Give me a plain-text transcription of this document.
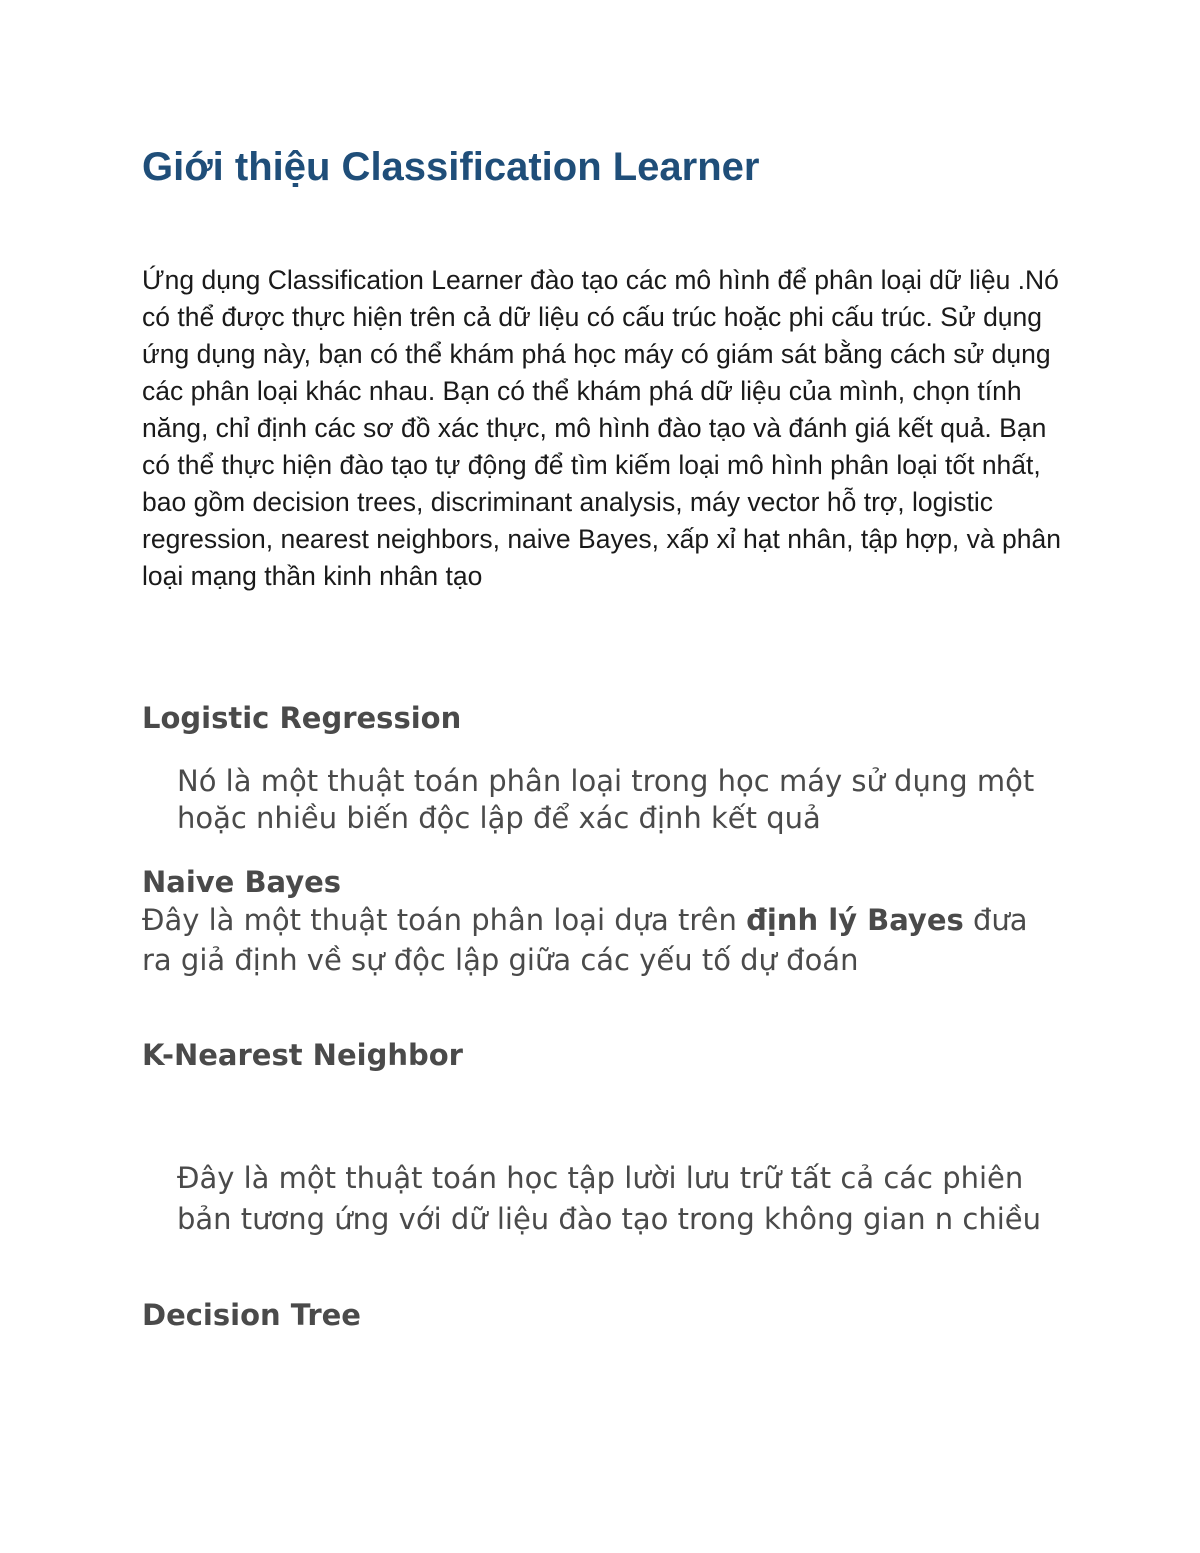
Giới thiệu Classification Learner

Ứng dụng Classification Learner đào tạo các mô hình để phân loại dữ liệu .Nó có thể được thực hiện trên cả dữ liệu có cấu trúc hoặc phi cấu trúc. Sử dụng ứng dụng này, bạn có thể khám phá học máy có giám sát bằng cách sử dụng các phân loại khác nhau. Bạn có thể khám phá dữ liệu của mình, chọn tính năng, chỉ định các sơ đồ xác thực, mô hình đào tạo và đánh giá kết quả. Bạn có thể thực hiện đào tạo tự động để tìm kiếm loại mô hình phân loại tốt nhất, bao gồm decision trees, discriminant analysis, máy vector hỗ trợ, logistic regression, nearest neighbors, naive Bayes, xấp xỉ hạt nhân, tập hợp, và phân loại mạng thần kinh nhân tạo

Logistic Regression

Nó là một thuật toán phân loại trong học máy sử dụng một hoặc nhiều biến độc lập để xác định kết quả

Naive Bayes

Đây là một thuật toán phân loại dựa trên định lý Bayes đưa ra giả định về sự độc lập giữa các yếu tố dự đoán

K-Nearest Neighbor

Đây là một thuật toán học tập lười lưu trữ tất cả các phiên bản tương ứng với dữ liệu đào tạo trong không gian n chiều

Decision Tree
